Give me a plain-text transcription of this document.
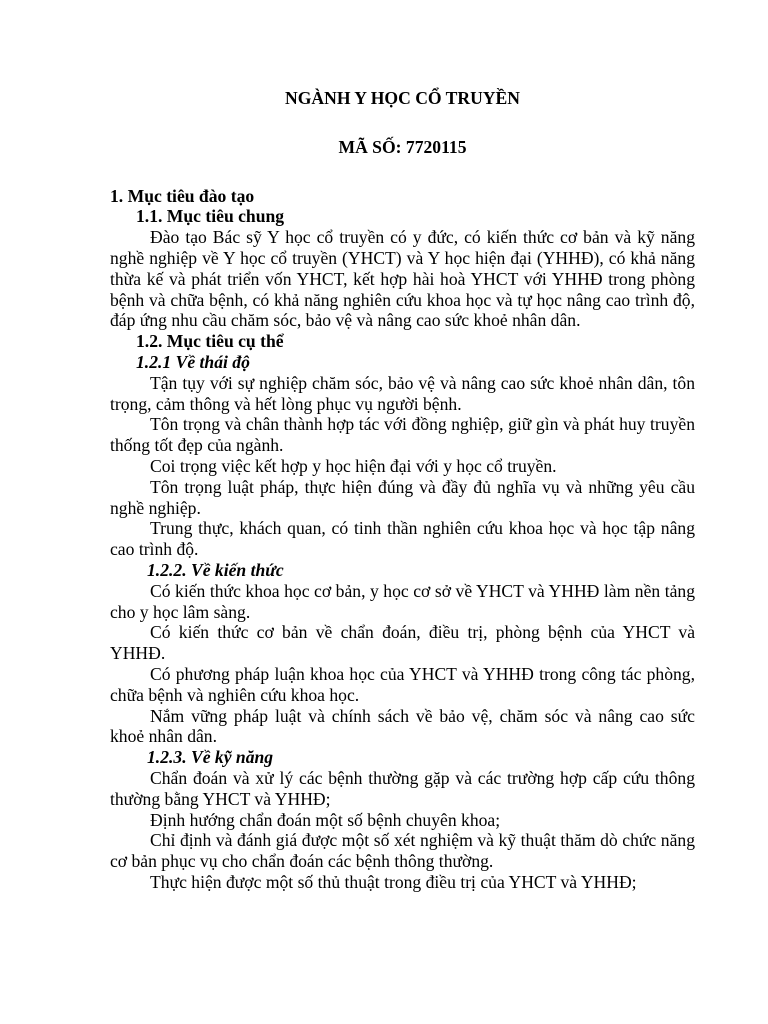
NGÀNH Y HỌC CỔ TRUYỀN
MÃ SỐ: 7720115
1. Mục tiêu đào tạo
1.1. Mục tiêu chung

Đào tạo Bác sỹ Y học cổ truyền có y đức, có kiến thức cơ bản và kỹ năng nghề nghiệp về Y học cổ truyền (YHCT) và Y học hiện đại (YHHĐ), có khả năng thừa kế và phát triển vốn YHCT, kết hợp hài hoà YHCT với YHHĐ trong phòng bệnh và chữa bệnh, có khả năng nghiên cứu khoa học và tự học nâng cao trình độ, đáp ứng nhu cầu chăm sóc, bảo vệ và nâng cao sức khoẻ nhân dân.

1.2. Mục tiêu cụ thể
1.2.1 Về thái độ

Tận tụy với sự nghiệp chăm sóc, bảo vệ và nâng cao sức khoẻ nhân dân, tôn trọng, cảm thông và hết lòng phục vụ người bệnh.

Tôn trọng và chân thành hợp tác với đồng nghiệp, giữ gìn và phát huy truyền thống tốt đẹp của ngành.

Coi trọng việc kết hợp y học hiện đại với y học cổ truyền.

Tôn trọng luật pháp, thực hiện đúng và đầy đủ nghĩa vụ và những yêu cầu nghề nghiệp.

Trung thực, khách quan, có tinh thần nghiên cứu khoa học và học tập nâng cao trình độ.

1.2.2. Về kiến thức

Có kiến thức khoa học cơ bản, y học cơ sở về YHCT và YHHĐ làm nền tảng cho y học lâm sàng.

Có kiến thức cơ bản về chẩn đoán, điều trị, phòng bệnh của YHCT và YHHĐ.

Có phương pháp luận khoa học của YHCT và YHHĐ trong công tác phòng, chữa bệnh và nghiên cứu khoa học.

Nắm vững pháp luật và chính sách về bảo vệ, chăm sóc và nâng cao sức khoẻ nhân dân.

1.2.3. Về kỹ năng

Chẩn đoán và xử lý các bệnh thường gặp và các trường hợp cấp cứu thông thường bằng YHCT và YHHĐ;

Định hướng chẩn đoán một số bệnh chuyên khoa;

Chỉ định và đánh giá được một số xét nghiệm và kỹ thuật thăm dò chức năng cơ bản phục vụ cho chẩn đoán các bệnh thông thường.

Thực hiện được một số thủ thuật trong điều trị của YHCT và YHHĐ;
